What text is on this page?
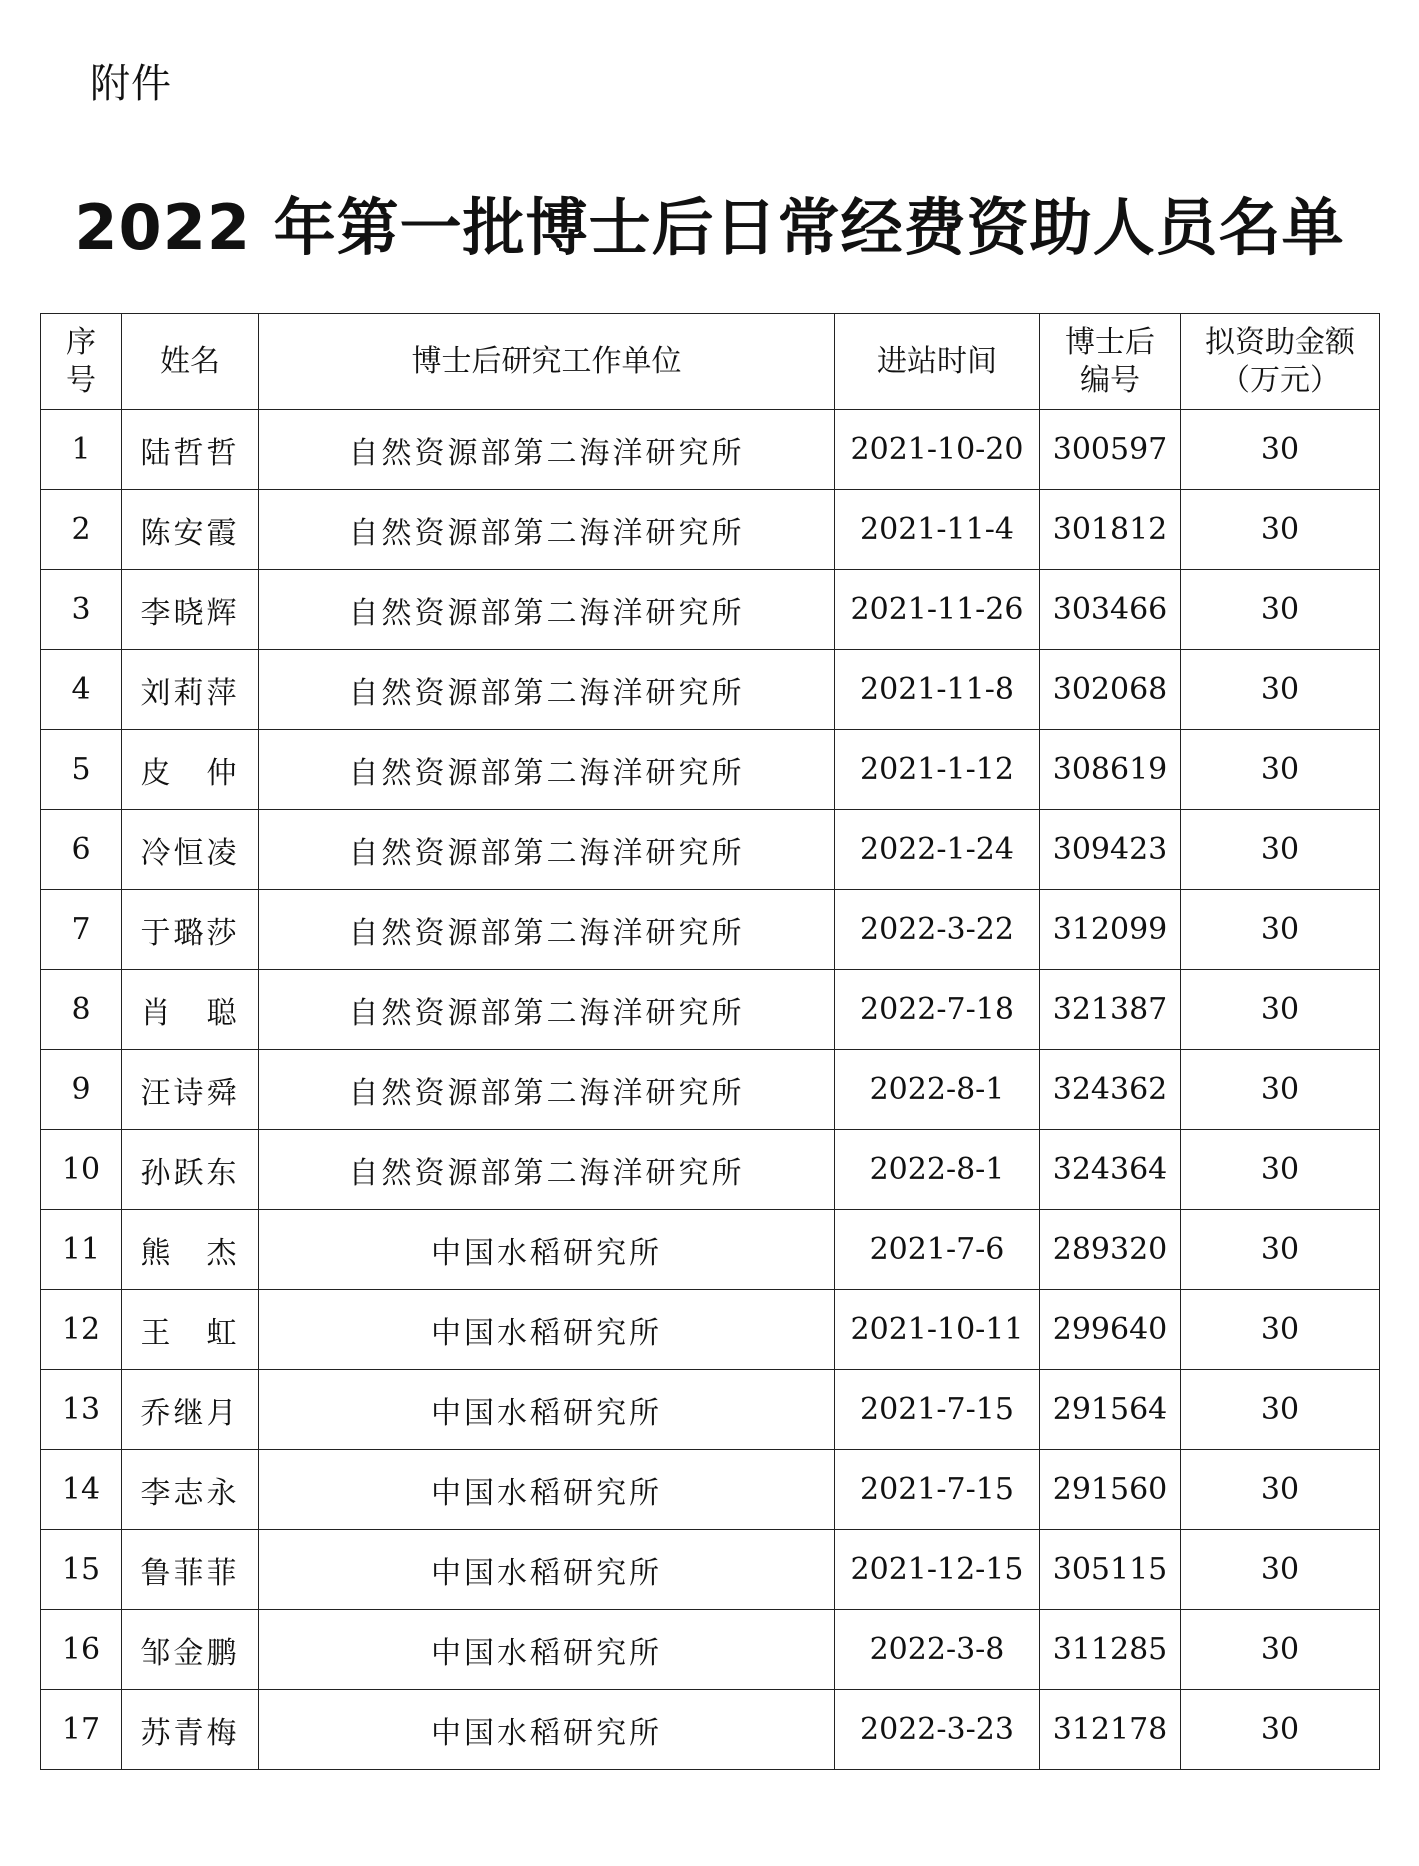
附件
2022 年第一批博士后日常经费资助人员名单
序号	姓名	博士后研究工作单位	进站时间	博士后编号	拟资助金额（万元）
1	陆哲哲	自然资源部第二海洋研究所	2021-10-20	300597	30
2	陈安霞	自然资源部第二海洋研究所	2021-11-4	301812	30
3	李晓辉	自然资源部第二海洋研究所	2021-11-26	303466	30
4	刘莉萍	自然资源部第二海洋研究所	2021-11-8	302068	30
5	皮　仲	自然资源部第二海洋研究所	2021-1-12	308619	30
6	冷恒凌	自然资源部第二海洋研究所	2022-1-24	309423	30
7	于璐莎	自然资源部第二海洋研究所	2022-3-22	312099	30
8	肖　聪	自然资源部第二海洋研究所	2022-7-18	321387	30
9	汪诗舜	自然资源部第二海洋研究所	2022-8-1	324362	30
10	孙跃东	自然资源部第二海洋研究所	2022-8-1	324364	30
11	熊　杰	中国水稻研究所	2021-7-6	289320	30
12	王　虹	中国水稻研究所	2021-10-11	299640	30
13	乔继月	中国水稻研究所	2021-7-15	291564	30
14	李志永	中国水稻研究所	2021-7-15	291560	30
15	鲁菲菲	中国水稻研究所	2021-12-15	305115	30
16	邹金鹏	中国水稻研究所	2022-3-8	311285	30
17	苏青梅	中国水稻研究所	2022-3-23	312178	30
